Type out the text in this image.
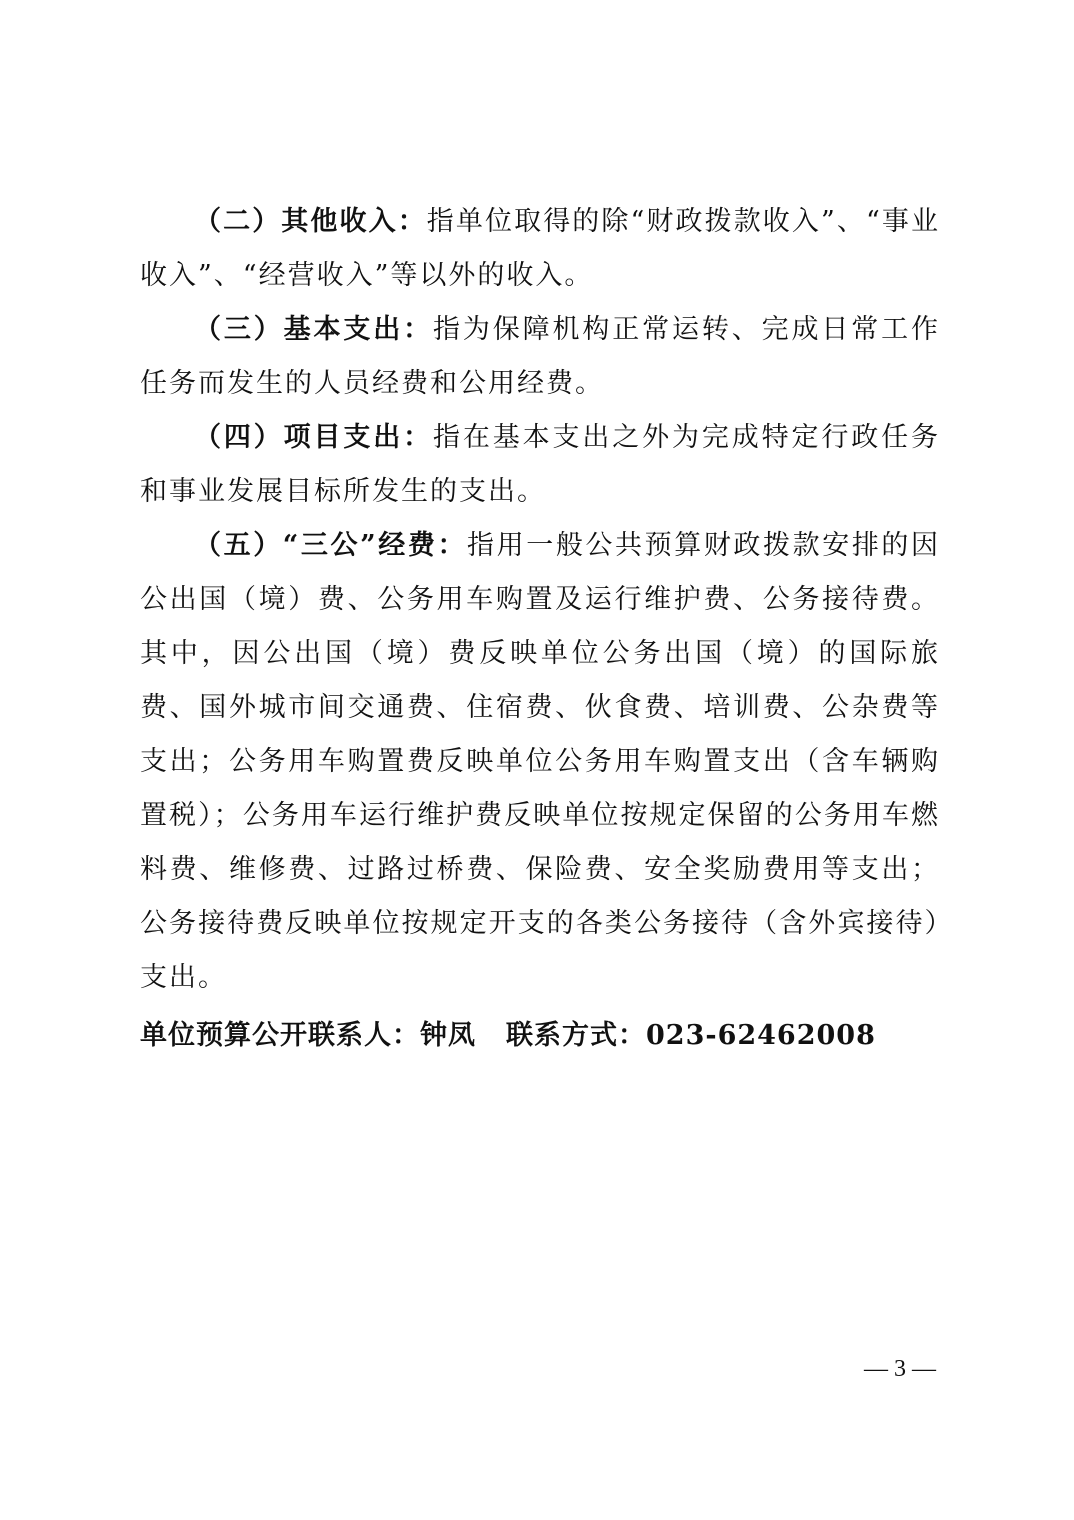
（二）其他收入：指单位取得的除“财政拨款收入”、“事业收入”、“经营收入”等以外的收入。

（三）基本支出：指为保障机构正常运转、完成日常工作任务而发生的人员经费和公用经费。

（四）项目支出：指在基本支出之外为完成特定行政任务和事业发展目标所发生的支出。

（五）“三公”经费：指用一般公共预算财政拨款安排的因公出国（境）费、公务用车购置及运行维护费、公务接待费。其中，因公出国（境）费反映单位公务出国（境）的国际旅费、国外城市间交通费、住宿费、伙食费、培训费、公杂费等支出；公务用车购置费反映单位公务用车购置支出（含车辆购置税）；公务用车运行维护费反映单位按规定保留的公务用车燃料费、维修费、过路过桥费、保险费、安全奖励费用等支出；公务接待费反映单位按规定开支的各类公务接待（含外宾接待）支出。

单位预算公开联系人：钟凤 联系方式：023-62462008

— 3 —
